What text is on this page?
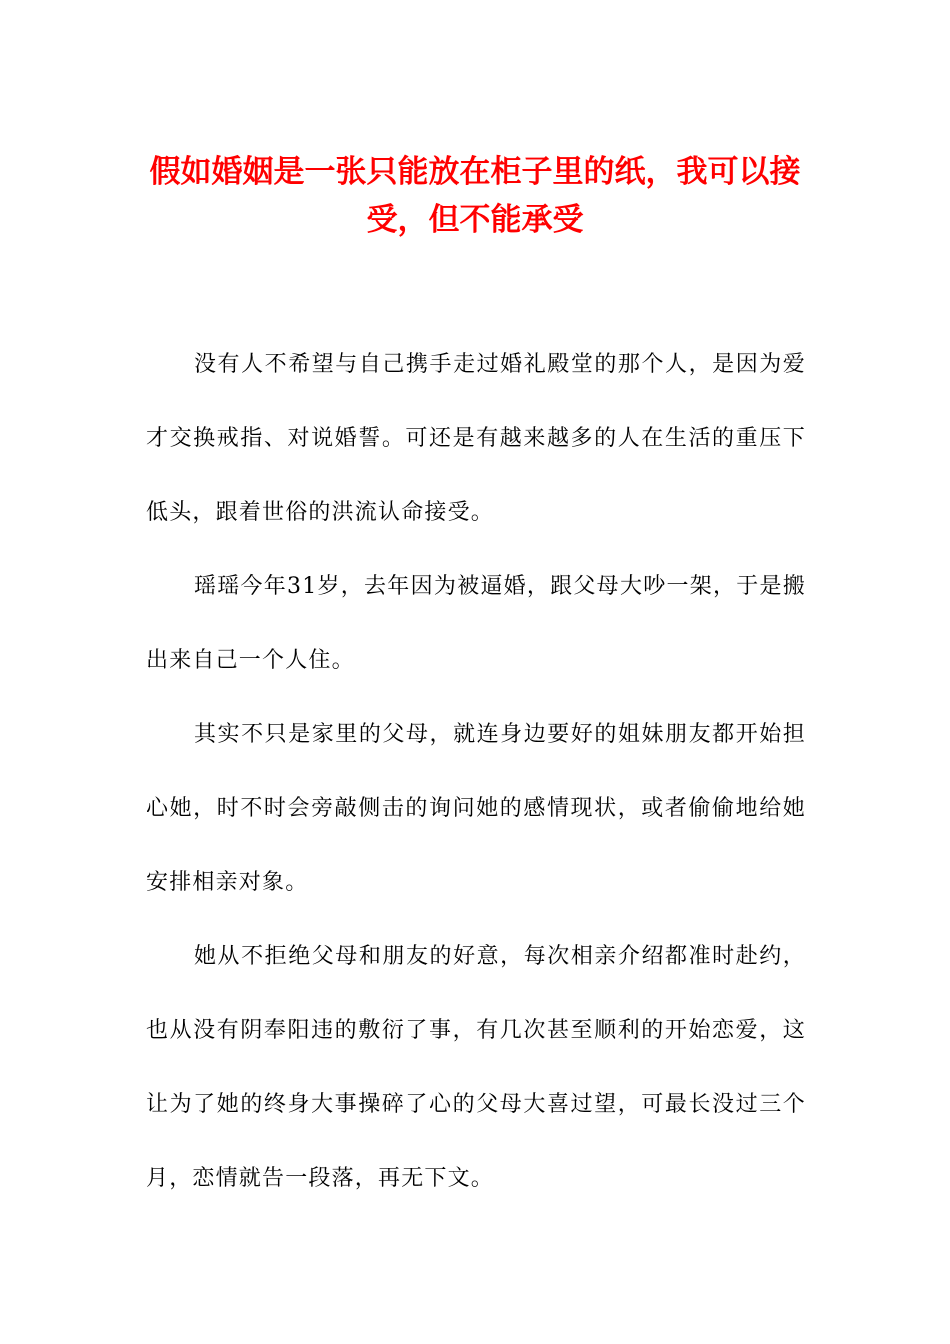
假如婚姻是一张只能放在柜子里的纸，我可以接受，但不能承受

没有人不希望与自己携手走过婚礼殿堂的那个人，是因为爱才交换戒指、对说婚誓。可还是有越来越多的人在生活的重压下低头，跟着世俗的洪流认命接受。

瑶瑶今年31岁，去年因为被逼婚，跟父母大吵一架，于是搬出来自己一个人住。

其实不只是家里的父母，就连身边要好的姐妹朋友都开始担心她，时不时会旁敲侧击的询问她的感情现状，或者偷偷地给她安排相亲对象。

她从不拒绝父母和朋友的好意，每次相亲介绍都准时赴约，也从没有阴奉阳违的敷衍了事，有几次甚至顺利的开始恋爱，这让为了她的终身大事操碎了心的父母大喜过望，可最长没过三个月，恋情就告一段落，再无下文。
